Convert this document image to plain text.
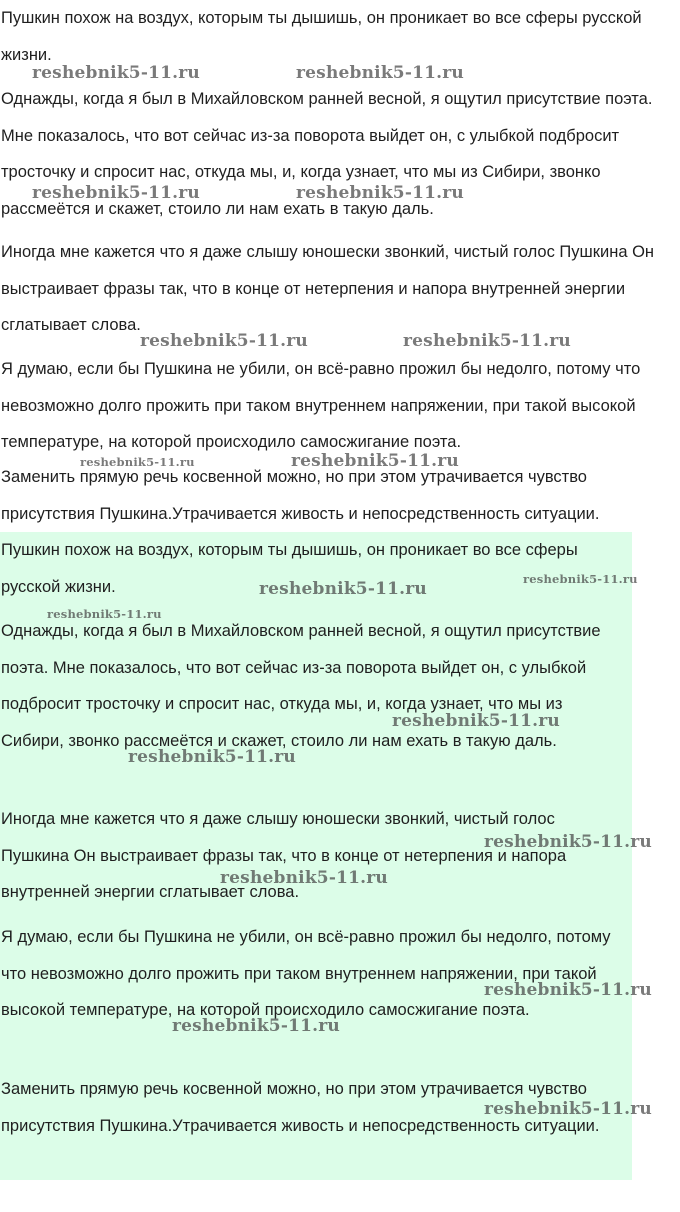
Пушкин похож на воздух, которым ты дышишь, он проникает во все сферы русской жизни.

Однажды, когда я был в Михайловском ранней весной, я ощутил присутствие поэта. Мне показалось, что вот сейчас из-за поворота выйдет он, с улыбкой подбросит тросточку и спросит нас, откуда мы, и, когда узнает, что мы из Сибири, звонко рассмеётся и скажет, стоило ли нам ехать в такую даль.

Иногда мне кажется что я даже слышу юношески звонкий, чистый голос Пушкина Он выстраивает фразы так, что в конце от нетерпения и напора внутренней энергии сглатывает слова.

Я думаю, если бы Пушкина не убили, он всё-равно прожил бы недолго, потому что невозможно долго прожить при таком внутреннем напряжении, при такой высокой температуре, на которой происходило самосжигание поэта.

Заменить прямую речь косвенной можно, но при этом утрачивается чувство присутствия Пушкина.Утрачивается живость и непосредственность ситуации.

Пушкин похож на воздух, которым ты дышишь, он проникает во все сферы русской жизни.

Однажды, когда я был в Михайловском ранней весной, я ощутил присутствие поэта. Мне показалось, что вот сейчас из-за поворота выйдет он, с улыбкой подбросит тросточку и спросит нас, откуда мы, и, когда узнает, что мы из Сибири, звонко рассмеётся и скажет, стоило ли нам ехать в такую даль.

Иногда мне кажется что я даже слышу юношески звонкий, чистый голос Пушкина Он выстраивает фразы так, что в конце от нетерпения и напора внутренней энергии сглатывает слова.

Я думаю, если бы Пушкина не убили, он всё-равно прожил бы недолго, потому что невозможно долго прожить при таком внутреннем напряжении, при такой высокой температуре, на которой происходило самосжигание поэта.

Заменить прямую речь косвенной можно, но при этом утрачивается чувство присутствия Пушкина.Утрачивается живость и непосредственность ситуации.

reshebnik5-11.ru	reshebnik5-11.ru
reshebnik5-11.ru	reshebnik5-11.ru
reshebnik5-11.ru	reshebnik5-11.ru
reshebnik5-11.ru	reshebnik5-11.ru
reshebnik5-11.ru	reshebnik5-11.ru
reshebnik5-11.ru
reshebnik5-11.ru
reshebnik5-11.ru
reshebnik5-11.ru
reshebnik5-11.ru
reshebnik5-11.ru
reshebnik5-11.ru
reshebnik5-11.ru
